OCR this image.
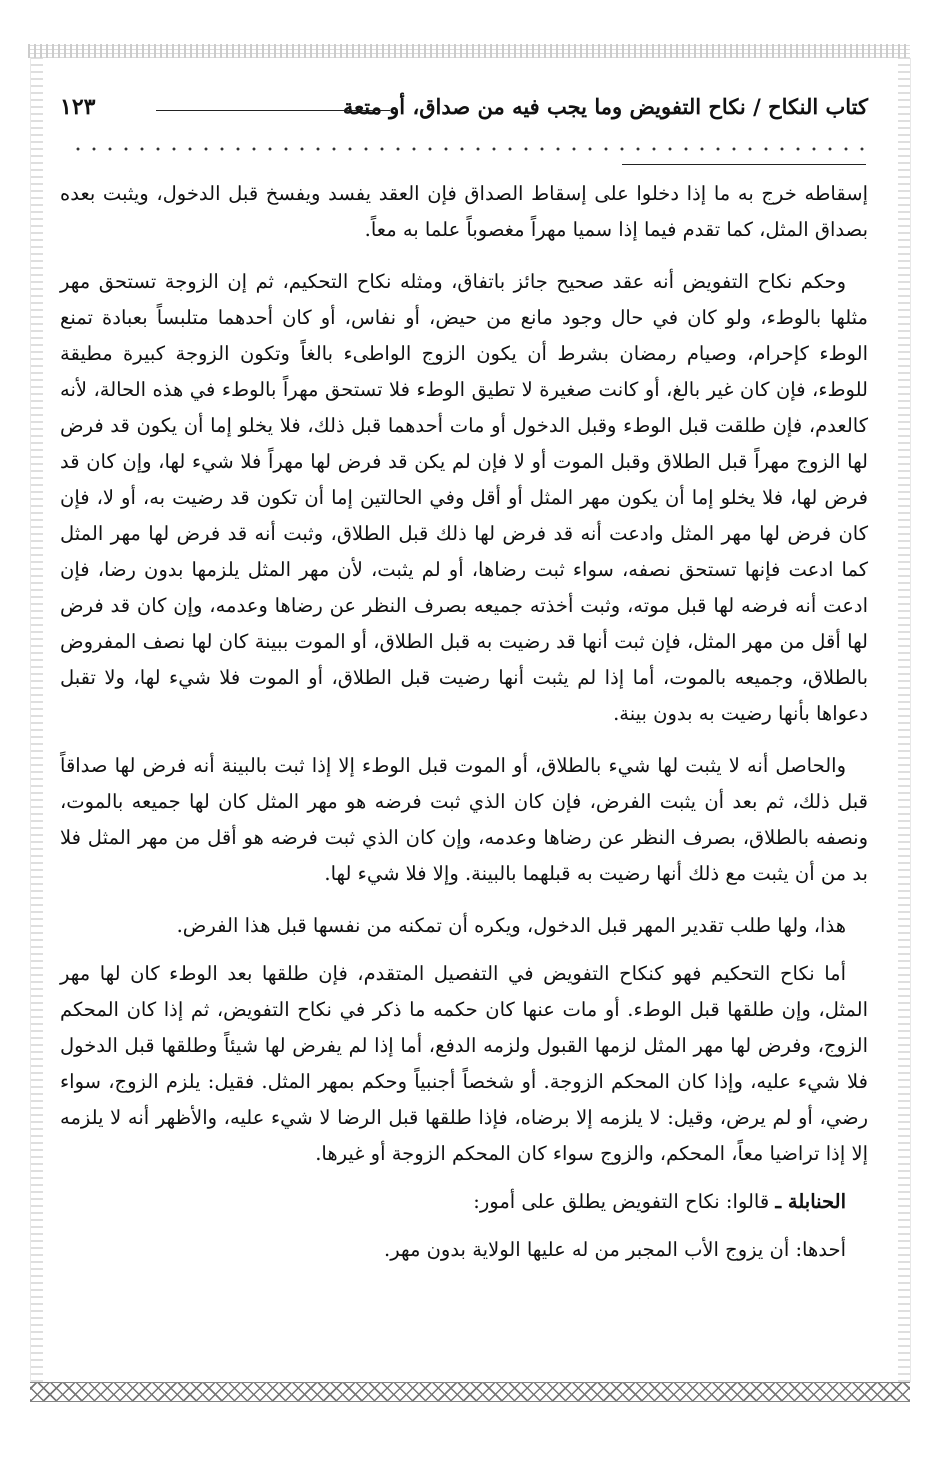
كتاب النكاح / نكاح التفويض وما يجب فيه من صداق، أو متعة
١٢٣

إسقاطه خرج به ما إذا دخلوا على إسقاط الصداق فإن العقد يفسد ويفسخ قبل الدخول، ويثبت بعده بصداق المثل، كما تقدم فيما إذا سميا مهراً مغصوباً علما به معاً.

وحكم نكاح التفويض أنه عقد صحيح جائز باتفاق، ومثله نكاح التحكيم، ثم إن الزوجة تستحق مهر مثلها بالوطء، ولو كان في حال وجود مانع من حيض، أو نفاس، أو كان أحدهما متلبساً بعبادة تمنع الوطء كإحرام، وصيام رمضان بشرط أن يكون الزوج الواطىء بالغاً وتكون الزوجة كبيرة مطيقة للوطء، فإن كان غير بالغ، أو كانت صغيرة لا تطيق الوطء فلا تستحق مهراً بالوطء في هذه الحالة، لأنه كالعدم، فإن طلقت قبل الوطء وقبل الدخول أو مات أحدهما قبل ذلك، فلا يخلو إما أن يكون قد فرض لها الزوج مهراً قبل الطلاق وقبل الموت أو لا فإن لم يكن قد فرض لها مهراً فلا شيء لها، وإن كان قد فرض لها، فلا يخلو إما أن يكون مهر المثل أو أقل وفي الحالتين إما أن تكون قد رضيت به، أو لا، فإن كان فرض لها مهر المثل وادعت أنه قد فرض لها ذلك قبل الطلاق، وثبت أنه قد فرض لها مهر المثل كما ادعت فإنها تستحق نصفه، سواء ثبت رضاها، أو لم يثبت، لأن مهر المثل يلزمها بدون رضا، فإن ادعت أنه فرضه لها قبل موته، وثبت أخذته جميعه بصرف النظر عن رضاها وعدمه، وإن كان قد فرض لها أقل من مهر المثل، فإن ثبت أنها قد رضيت به قبل الطلاق، أو الموت ببينة كان لها نصف المفروض بالطلاق، وجميعه بالموت، أما إذا لم يثبت أنها رضيت قبل الطلاق، أو الموت فلا شيء لها، ولا تقبل دعواها بأنها رضيت به بدون بينة.

والحاصل أنه لا يثبت لها شيء بالطلاق، أو الموت قبل الوطء إلا إذا ثبت بالبينة أنه فرض لها صداقاً قبل ذلك، ثم بعد أن يثبت الفرض، فإن كان الذي ثبت فرضه هو مهر المثل كان لها جميعه بالموت، ونصفه بالطلاق، بصرف النظر عن رضاها وعدمه، وإن كان الذي ثبت فرضه هو أقل من مهر المثل فلا بد من أن يثبت مع ذلك أنها رضيت به قبلهما بالبينة. وإلا فلا شيء لها.

هذا، ولها طلب تقدير المهر قبل الدخول، ويكره أن تمكنه من نفسها قبل هذا الفرض.

أما نكاح التحكيم فهو كنكاح التفويض في التفصيل المتقدم، فإن طلقها بعد الوطء كان لها مهر المثل، وإن طلقها قبل الوطء. أو مات عنها كان حكمه ما ذكر في نكاح التفويض، ثم إذا كان المحكم الزوج، وفرض لها مهر المثل لزمها القبول ولزمه الدفع، أما إذا لم يفرض لها شيئاً وطلقها قبل الدخول فلا شيء عليه، وإذا كان المحكم الزوجة. أو شخصاً أجنبياً وحكم بمهر المثل. فقيل: يلزم الزوج، سواء رضي، أو لم يرض، وقيل: لا يلزمه إلا برضاه، فإذا طلقها قبل الرضا لا شيء عليه، والأظهر أنه لا يلزمه إلا إذا تراضيا معاً، المحكم، والزوج سواء كان المحكم الزوجة أو غيرها.

الحنابلة ـ قالوا: نكاح التفويض يطلق على أمور:

أحدها: أن يزوج الأب المجبر من له عليها الولاية بدون مهر.
